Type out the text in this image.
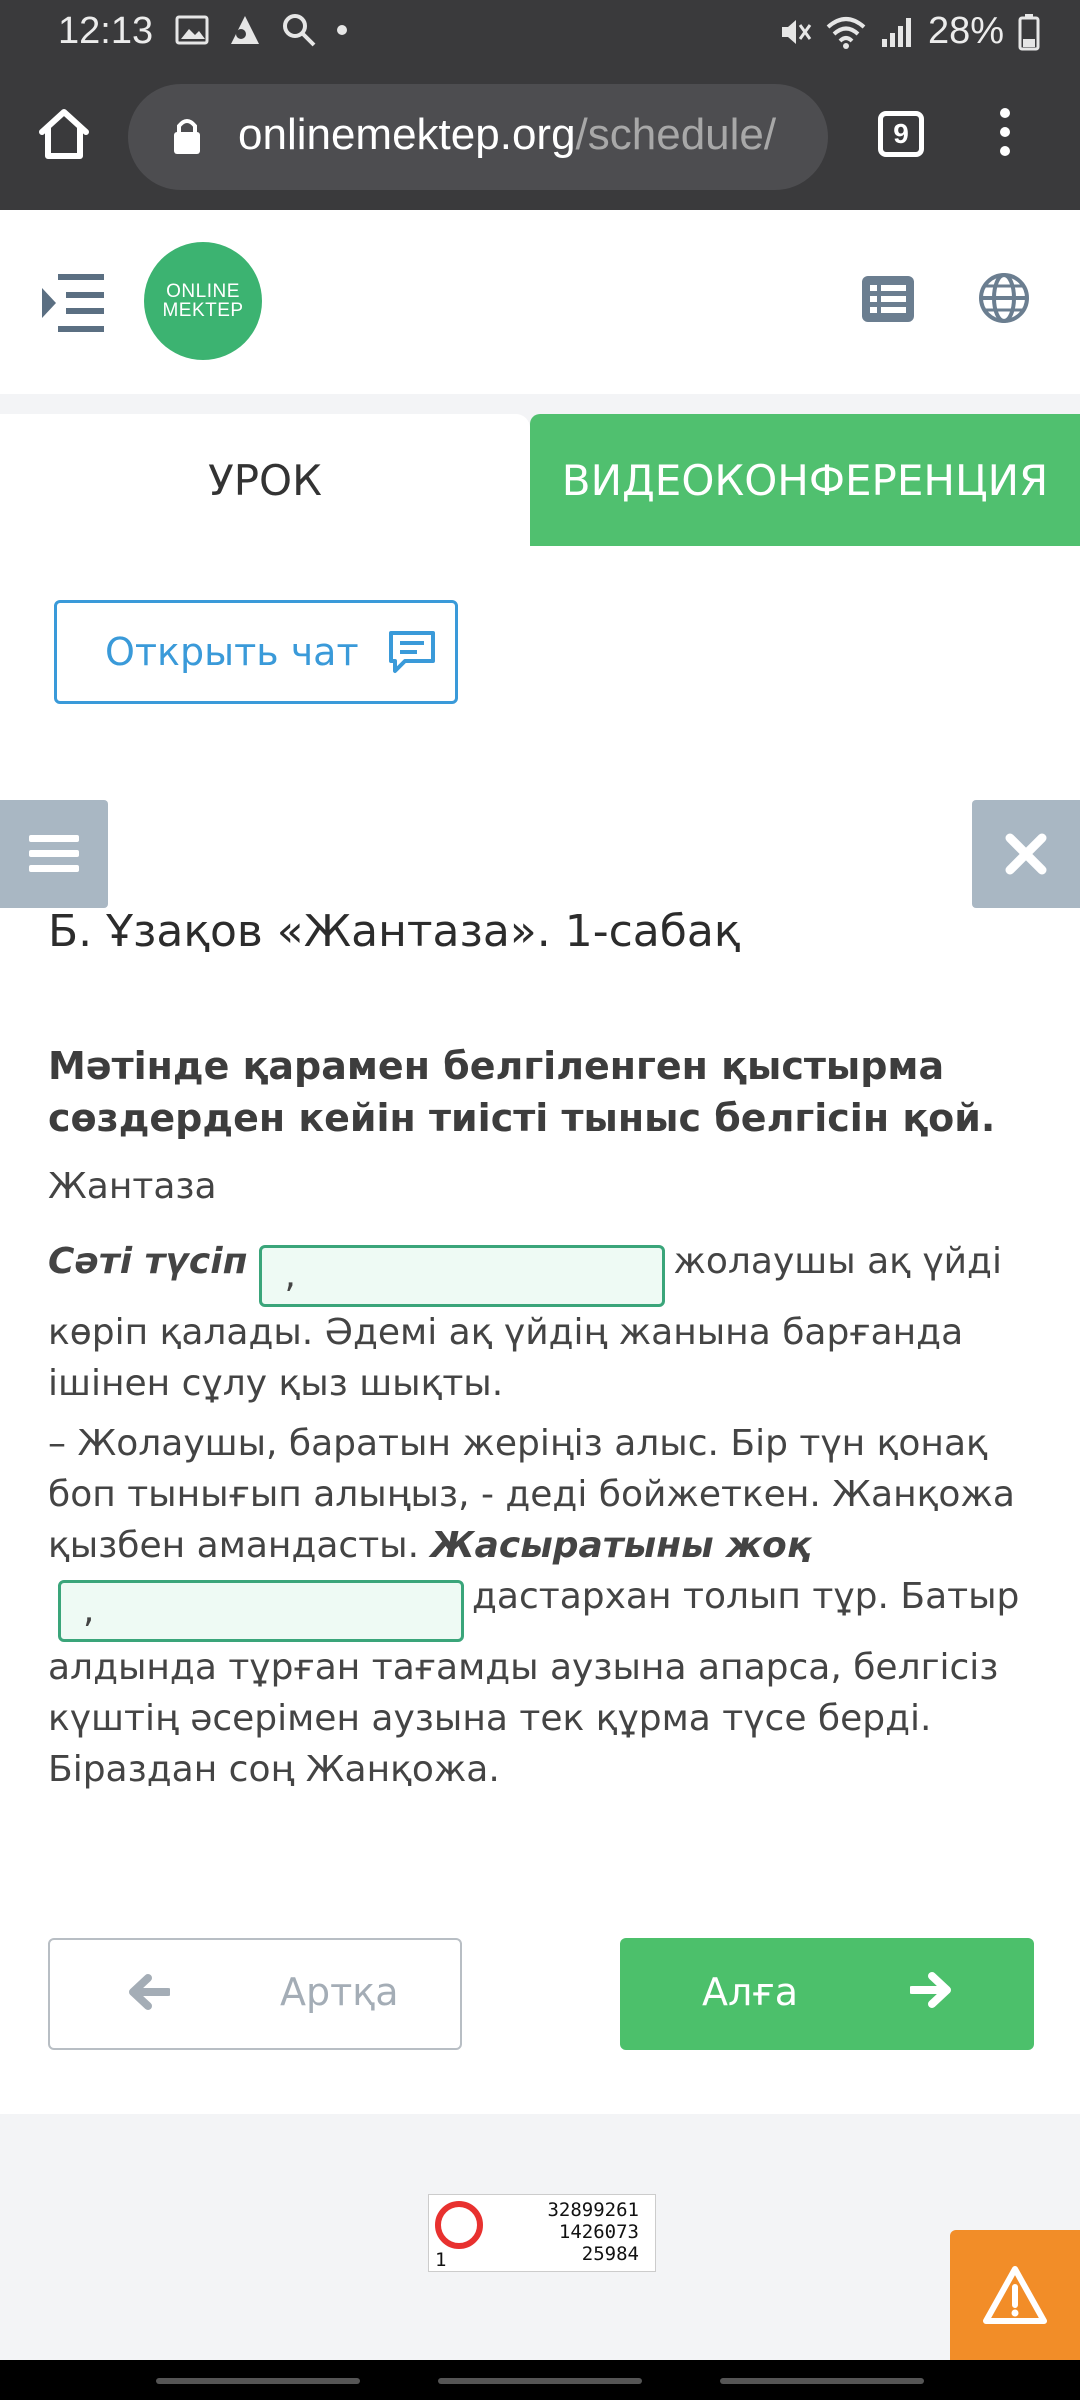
12:13	28%
onlinemektep.org/schedule/	9
ONLINE
MEKTEP
УРОК	ВИДЕОКОНФЕРЕНЦИЯ
Открыть чат
Б. Ұзақов «Жантаза». 1-сабақ
Мәтінде қарамен белгіленген қыстырма сөздерден кейін тиісті тыныс белгісін қой.
Жантаза
Сәті түсіп ,	жолаушы ақ үйді көріп қалады. Әдемі ақ үйдің жанына барғанда ішінен сұлу қыз шықты.
– Жолаушы, баратын жеріңіз алыс. Бір түн қонақ боп тынығып алыңыз, - деді бойжеткен. Жанқожа қызбен амандасты. Жасыратыны жоқ
,	дастархан толып тұр. Батыр алдында тұрған тағамды аузына апарса, белгісіз күштің әсерімен аузына тек құрма түсе берді. Біраздан соң Жанқожа.
Артқа	Алға
1
32899261
1426073
25984
